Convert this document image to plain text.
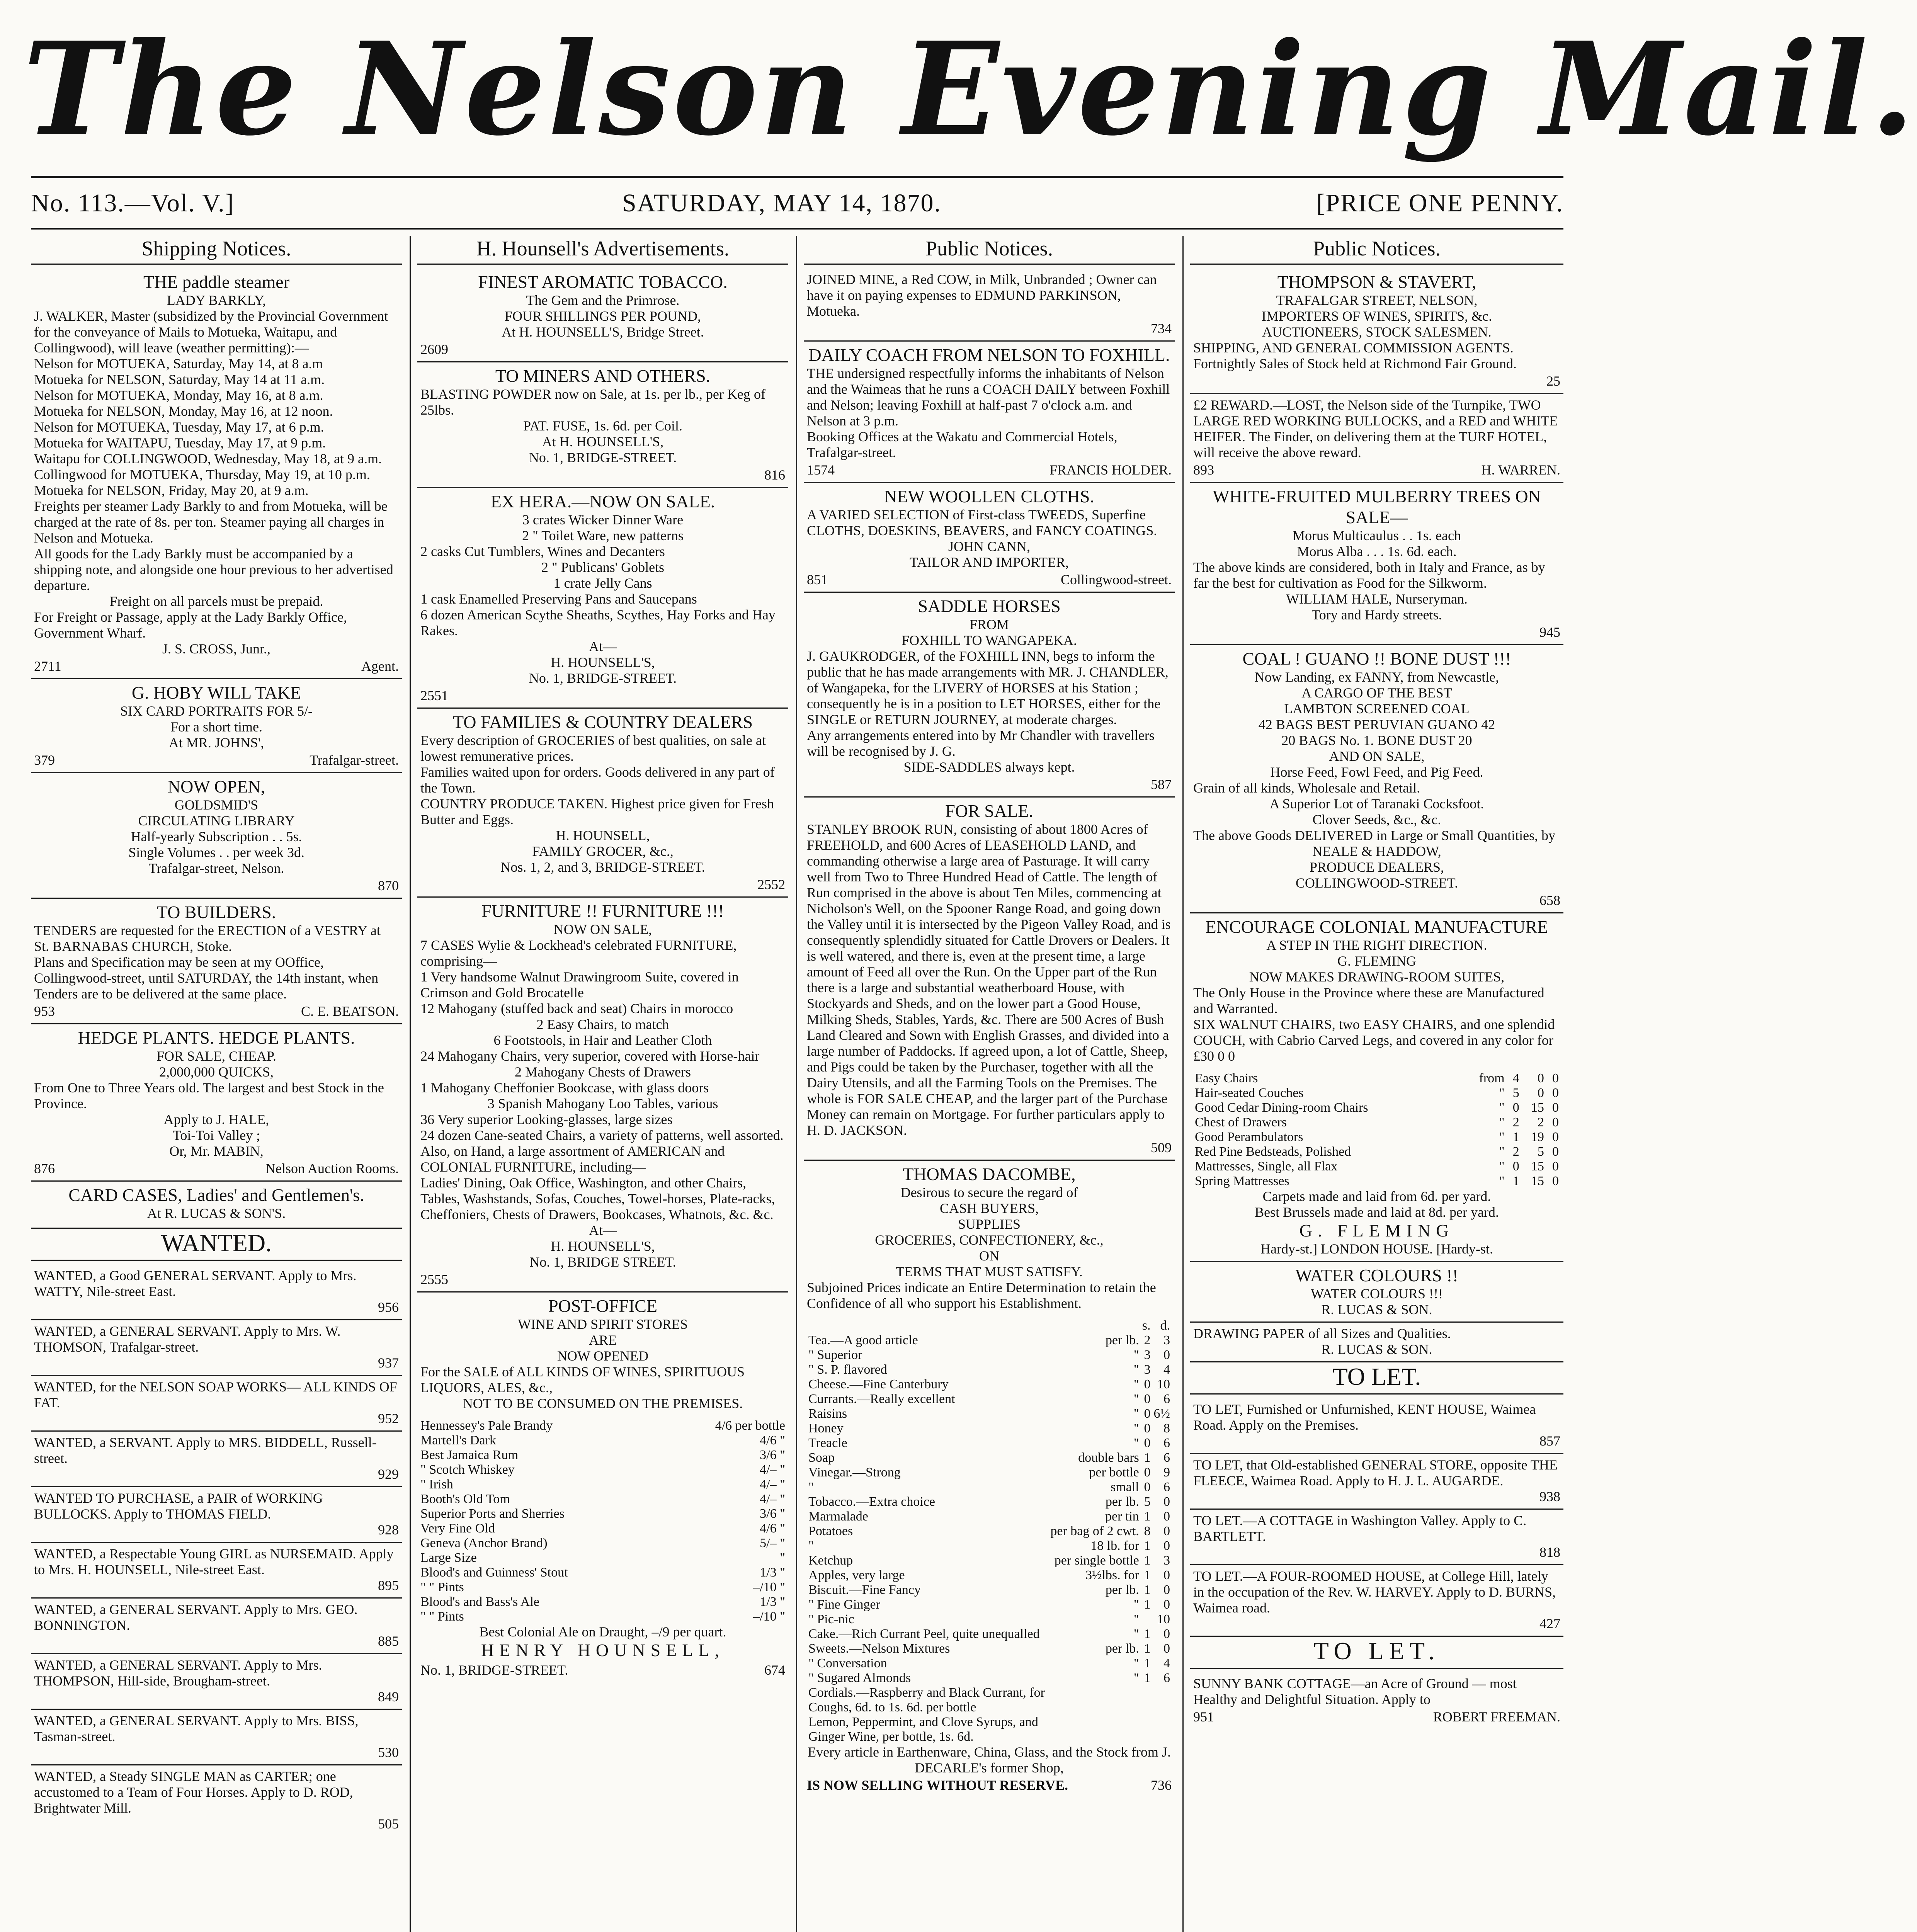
The Nelson Evening Mail.
No. 113.—Vol. V.]	SATURDAY, MAY 14, 1870.	[PRICE ONE PENNY.
Shipping Notices.
THE paddle steamer
LADY BARKLY,
J. WALKER, Master (subsidized by the Provincial Government for the conveyance of Mails to Motueka, Waitapu, and Collingwood), will leave (weather permitting):—
Nelson for MOTUEKA, Saturday, May 14, at 8 a.m
Motueka for NELSON, Saturday, May 14 at 11 a.m.
Nelson for MOTUEKA, Monday, May 16, at 8 a.m.
Motueka for NELSON, Monday, May 16, at 12 noon.
Nelson for MOTUEKA, Tuesday, May 17, at 6 p.m.
Motueka for WAITAPU, Tuesday, May 17, at 9 p.m.
Waitapu for COLLINGWOOD, Wednesday, May 18, at 9 a.m.
Collingwood for MOTUEKA, Thursday, May 19, at 10 p.m.
Motueka for NELSON, Friday, May 20, at 9 a.m.
Freights per steamer Lady Barkly to and from Motueka, will be charged at the rate of 8s. per ton. Steamer paying all charges in Nelson and Motueka.
All goods for the Lady Barkly must be accompanied by a shipping note, and alongside one hour previous to her advertised departure.
Freight on all parcels must be prepaid.
For Freight or Passage, apply at the Lady Barkly Office, Government Wharf.
J. S. CROSS, Junr.,
2711	Agent.
G. HOBY WILL TAKE
SIX CARD PORTRAITS FOR 5/-
For a short time.
At MR. JOHNS',
379	Trafalgar-street.
NOW OPEN,
GOLDSMID'S
CIRCULATING LIBRARY
Half-yearly Subscription . . 5s.
Single Volumes . . per week 3d.
Trafalgar-street, Nelson.
870
TO BUILDERS.
TENDERS are requested for the ERECTION of a VESTRY at St. BARNABAS CHURCH, Stoke.
Plans and Specification may be seen at my OOffice, Collingwood-street, until SATURDAY, the 14th instant, when Tenders are to be delivered at the same place.
953	C. E. BEATSON.
HEDGE PLANTS. HEDGE PLANTS.
FOR SALE, CHEAP.
2,000,000 QUICKS,
From One to Three Years old. The largest and best Stock in the Province.
Apply to J. HALE,
Toi-Toi Valley ;
Or, Mr. MABIN,
876	Nelson Auction Rooms.
CARD CASES, Ladies' and Gentlemen's.
At R. LUCAS & SON'S.
WANTED.
WANTED, a Good GENERAL SERVANT. Apply to Mrs. WATTY, Nile-street East.
956
WANTED, a GENERAL SERVANT. Apply to Mrs. W. THOMSON, Trafalgar-street.
937
WANTED, for the NELSON SOAP WORKS— ALL KINDS OF FAT.
952
WANTED, a SERVANT. Apply to MRS. BIDDELL, Russell-street.
929
WANTED TO PURCHASE, a PAIR of WORKING BULLOCKS. Apply to THOMAS FIELD.
928
WANTED, a Respectable Young GIRL as NURSEMAID. Apply to Mrs. H. HOUNSELL, Nile-street East.
895
WANTED, a GENERAL SERVANT. Apply to Mrs. GEO. BONNINGTON.
885
WANTED, a GENERAL SERVANT. Apply to Mrs. THOMPSON, Hill-side, Brougham-street.
849
WANTED, a GENERAL SERVANT. Apply to Mrs. BISS, Tasman-street.
530
WANTED, a Steady SINGLE MAN as CARTER; one accustomed to a Team of Four Horses. Apply to D. ROD, Brightwater Mill.
505
H. Hounsell's Advertisements.
FINEST AROMATIC TOBACCO.
The Gem and the Primrose.
FOUR SHILLINGS PER POUND,
At H. HOUNSELL'S, Bridge Street.
2609
TO MINERS AND OTHERS.
BLASTING POWDER now on Sale, at 1s. per lb., per Keg of 25lbs.
PAT. FUSE, 1s. 6d. per Coil.
At H. HOUNSELL'S,
No. 1, BRIDGE-STREET.
816
EX HERA.—NOW ON SALE.
3 crates Wicker Dinner Ware
2 " Toilet Ware, new patterns
2 casks Cut Tumblers, Wines and Decanters
2 " Publicans' Goblets
1 crate Jelly Cans
1 cask Enamelled Preserving Pans and Saucepans
6 dozen American Scythe Sheaths, Scythes, Hay Forks and Hay Rakes.
At—
H. HOUNSELL'S,
No. 1, BRIDGE-STREET.
2551
TO FAMILIES & COUNTRY DEALERS
Every description of GROCERIES of best qualities, on sale at lowest remunerative prices.
Families waited upon for orders. Goods delivered in any part of the Town.
COUNTRY PRODUCE TAKEN. Highest price given for Fresh Butter and Eggs.
H. HOUNSELL,
FAMILY GROCER, &c.,
Nos. 1, 2, and 3, BRIDGE-STREET.
2552
FURNITURE !! FURNITURE !!!
NOW ON SALE,
7 CASES Wylie & Lockhead's celebrated FURNITURE, comprising—
1 Very handsome Walnut Drawingroom Suite, covered in Crimson and Gold Brocatelle
12 Mahogany (stuffed back and seat) Chairs in morocco
2 Easy Chairs, to match
6 Footstools, in Hair and Leather Cloth
24 Mahogany Chairs, very superior, covered with Horse-hair
2 Mahogany Chests of Drawers
1 Mahogany Cheffonier Bookcase, with glass doors
3 Spanish Mahogany Loo Tables, various
36 Very superior Looking-glasses, large sizes
24 dozen Cane-seated Chairs, a variety of patterns, well assorted.
Also, on Hand, a large assortment of AMERICAN and COLONIAL FURNITURE, including—
Ladies' Dining, Oak Office, Washington, and other Chairs, Tables, Washstands, Sofas, Couches, Towel-horses, Plate-racks, Cheffoniers, Chests of Drawers, Bookcases, Whatnots, &c. &c.
At—
H. HOUNSELL'S,
No. 1, BRIDGE STREET.
2555
POST-OFFICE
WINE AND SPIRIT STORES
ARE
NOW OPENED
For the SALE of ALL KINDS OF WINES, SPIRITUOUS LIQUORS, ALES, &c.,
NOT TO BE CONSUMED ON THE PREMISES.
Hennessey's Pale Brandy	4/6 per bottle
Martell's Dark	4/6 "
Best Jamaica Rum	3/6 "
" Scotch Whiskey	4/– "
" Irish	4/– "
Booth's Old Tom	4/– "
Superior Ports and Sherries	3/6 "
Very Fine Old	4/6 "
Geneva (Anchor Brand)	5/– "
Large Size	"
Blood's and Guinness' Stout	1/3 "
" " Pints	–/10 "
Blood's and Bass's Ale	1/3 "
" " Pints	–/10 "
Best Colonial Ale on Draught, –/9 per quart.
HENRY HOUNSELL,
No. 1, BRIDGE-STREET.	674
Public Notices.
JOINED MINE, a Red COW, in Milk, Unbranded ; Owner can have it on paying expenses to EDMUND PARKINSON, Motueka.
734
DAILY COACH FROM NELSON TO FOXHILL.
THE undersigned respectfully informs the inhabitants of Nelson and the Waimeas that he runs a COACH DAILY between Foxhill and Nelson; leaving Foxhill at half-past 7 o'clock a.m. and Nelson at 3 p.m.
Booking Offices at the Wakatu and Commercial Hotels, Trafalgar-street.
1574	FRANCIS HOLDER.
NEW WOOLLEN CLOTHS.
A VARIED SELECTION of First-class TWEEDS, Superfine CLOTHS, DOESKINS, BEAVERS, and FANCY COATINGS.
JOHN CANN,
TAILOR AND IMPORTER,
851	Collingwood-street.
SADDLE HORSES
FROM
FOXHILL TO WANGAPEKA.
J. GAUKRODGER, of the FOXHILL INN, begs to inform the public that he has made arrangements with MR. J. CHANDLER, of Wangapeka, for the LIVERY of HORSES at his Station ; consequently he is in a position to LET HORSES, either for the SINGLE or RETURN JOURNEY, at moderate charges.
Any arrangements entered into by Mr Chandler with travellers will be recognised by J. G.
SIDE-SADDLES always kept.
587
FOR SALE.
STANLEY BROOK RUN, consisting of about 1800 Acres of FREEHOLD, and 600 Acres of LEASEHOLD LAND, and commanding otherwise a large area of Pasturage. It will carry well from Two to Three Hundred Head of Cattle. The length of Run comprised in the above is about Ten Miles, commencing at Nicholson's Well, on the Spooner Range Road, and going down the Valley until it is intersected by the Pigeon Valley Road, and is consequently splendidly situated for Cattle Drovers or Dealers. It is well watered, and there is, even at the present time, a large amount of Feed all over the Run. On the Upper part of the Run there is a large and substantial weatherboard House, with Stockyards and Sheds, and on the lower part a Good House, Milking Sheds, Stables, Yards, &c. There are 500 Acres of Bush Land Cleared and Sown with English Grasses, and divided into a large number of Paddocks. If agreed upon, a lot of Cattle, Sheep, and Pigs could be taken by the Purchaser, together with all the Dairy Utensils, and all the Farming Tools on the Premises. The whole is FOR SALE CHEAP, and the larger part of the Purchase Money can remain on Mortgage. For further particulars apply to H. D. JACKSON.
509
THOMAS DACOMBE,
Desirous to secure the regard of
CASH BUYERS,
SUPPLIES
GROCERIES, CONFECTIONERY, &c.,
ON
TERMS THAT MUST SATISFY.
Subjoined Prices indicate an Entire Determination to retain the Confidence of all who support his Establishment.
		s.	d.
Tea.—A good article	per lb.	2	3
" Superior	"	3	0
" S. P. flavored	"	3	4
Cheese.—Fine Canterbury	"	0	10
Currants.—Really excellent	"	0	6
Raisins	"	0	6½
Honey	"	0	8
Treacle	"	0	6
Soap	double bars	1	6
Vinegar.—Strong	per bottle	0	9
"	small	0	6
Tobacco.—Extra choice	per lb.	5	0
Marmalade	per tin	1	0
Potatoes	per bag of 2 cwt.	8	0
"	18 lb. for	1	0
Ketchup	per single bottle	1	3
Apples, very large	3½lbs. for	1	0
Biscuit.—Fine Fancy	per lb.	1	0
" Fine Ginger	"	1	0
" Pic-nic	"		10
Cake.—Rich Currant Peel, quite unequalled	"	1	0
Sweets.—Nelson Mixtures	per lb.	1	0
" Conversation	"	1	4
" Sugared Almonds	"	1	6
Cordials.—Raspberry and Black Currant, for Coughs, 6d. to 1s. 6d. per bottle			
Lemon, Peppermint, and Clove Syrups, and Ginger Wine, per bottle, 1s. 6d.			
Every article in Earthenware, China, Glass, and the Stock from J. DECARLE's former Shop,
IS NOW SELLING WITHOUT RESERVE.	736
Public Notices.
THOMPSON & STAVERT,
TRAFALGAR STREET, NELSON,
IMPORTERS OF WINES, SPIRITS, &c.
AUCTIONEERS, STOCK SALESMEN.
SHIPPING, AND GENERAL COMMISSION AGENTS.
Fortnightly Sales of Stock held at Richmond Fair Ground.
25
£2 REWARD.—LOST, the Nelson side of the Turnpike, TWO LARGE RED WORKING BULLOCKS, and a RED and WHITE HEIFER. The Finder, on delivering them at the TURF HOTEL, will receive the above reward.
893	H. WARREN.
WHITE-FRUITED MULBERRY TREES ON SALE—
Morus Multicaulus . . 1s. each
Morus Alba . . . 1s. 6d. each.
The above kinds are considered, both in Italy and France, as by far the best for cultivation as Food for the Silkworm.
WILLIAM HALE, Nurseryman.
Tory and Hardy streets.
945
COAL ! GUANO !! BONE DUST !!!
Now Landing, ex FANNY, from Newcastle,
A CARGO OF THE BEST
LAMBTON SCREENED COAL
42 BAGS BEST PERUVIAN GUANO 42
20 BAGS No. 1. BONE DUST 20
AND ON SALE,
Horse Feed, Fowl Feed, and Pig Feed.
Grain of all kinds, Wholesale and Retail.
A Superior Lot of Taranaki Cocksfoot.
Clover Seeds, &c., &c.
The above Goods DELIVERED in Large or Small Quantities, by
NEALE & HADDOW,
PRODUCE DEALERS,
COLLINGWOOD-STREET.
658
ENCOURAGE COLONIAL MANUFACTURE
A STEP IN THE RIGHT DIRECTION.
G. FLEMING
NOW MAKES DRAWING-ROOM SUITES,
The Only House in the Province where these are Manufactured and Warranted.
SIX WALNUT CHAIRS, two EASY CHAIRS, and one splendid COUCH, with Cabrio Carved Legs, and covered in any color for £30 0 0
Easy Chairs	from	4	0	0
Hair-seated Couches	"	5	0	0
Good Cedar Dining-room Chairs	"	0	15	0
Chest of Drawers	"	2	2	0
Good Perambulators	"	1	19	0
Red Pine Bedsteads, Polished	"	2	5	0
Mattresses, Single, all Flax	"	0	15	0
Spring Mattresses	"	1	15	0
Carpets made and laid from 6d. per yard.
Best Brussels made and laid at 8d. per yard.
G. FLEMING
Hardy-st.] LONDON HOUSE. [Hardy-st.
WATER COLOURS !!
WATER COLOURS !!!
R. LUCAS & SON.
DRAWING PAPER of all Sizes and Qualities.
R. LUCAS & SON.
TO LET.
TO LET, Furnished or Unfurnished, KENT HOUSE, Waimea Road. Apply on the Premises.
857
TO LET, that Old-established GENERAL STORE, opposite THE FLEECE, Waimea Road. Apply to H. J. L. AUGARDE.
938
TO LET.—A COTTAGE in Washington Valley. Apply to C. BARTLETT.
818
TO LET.—A FOUR-ROOMED HOUSE, at College Hill, lately in the occupation of the Rev. W. HARVEY. Apply to D. BURNS, Waimea road.
427
TO LET.
SUNNY BANK COTTAGE—an Acre of Ground — most Healthy and Delightful Situation. Apply to
951	ROBERT FREEMAN.
